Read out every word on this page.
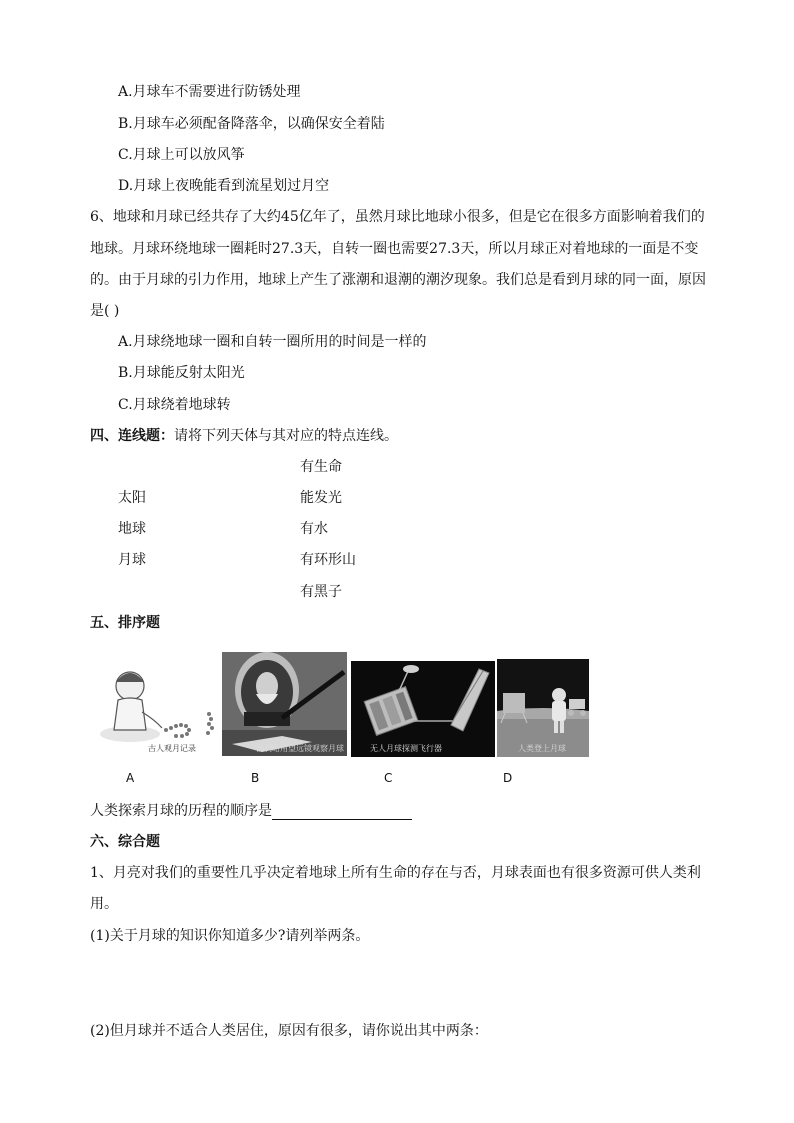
A.月球车不需要进行防锈处理
B.月球车必须配备降落伞，以确保安全着陆
C.月球上可以放风筝
D.月球上夜晚能看到流星划过月空
6、地球和月球已经共存了大约45亿年了，虽然月球比地球小很多，但是它在很多方面影响着我们的
地球。月球环绕地球一圈耗时27.3天，自转一圈也需要27.3天，所以月球正对着地球的一面是不变
的。由于月球的引力作用，地球上产生了涨潮和退潮的潮汐现象。我们总是看到月球的同一面，原因
是( )
A.月球绕地球一圈和自转一圈所用的时间是一样的
B.月球能反射太阳光
C.月球绕着地球转
四、连线题：请将下列天体与其对应的特点连线。
有生命
太阳	能发光
地球	有水
月球	有环形山
有黑子
五、排序题
古人观月记录	伽利略用望远镜观察月球	无人月球探测飞行器	人类登上月球
A	B	C	D
人类探索月球的历程的顺序是
六、综合题
1、月亮对我们的重要性几乎决定着地球上所有生命的存在与否，月球表面也有很多资源可供人类利
用。
(1)关于月球的知识你知道多少?请列举两条。
(2)但月球并不适合人类居住，原因有很多，请你说出其中两条：
